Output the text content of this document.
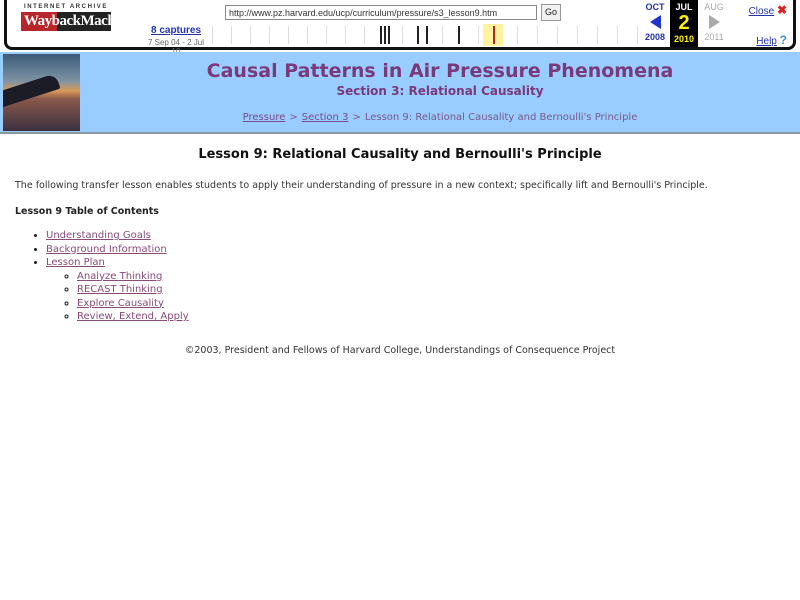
INTERNET ARCHIVE
WaybackMachine
8 captures
7 Sep 04 - 2 Jul
http://www.pz.harvard.edu/ucp/curriculum/pressure/s3_lesson9.htm	Go	OCT
2008
JUL
2
2010
AUG
2011
Close ✖
Help ?
Causal Patterns in Air Pressure Phenomena
Section 3: Relational Causality
Pressure > Section 3 > Lesson 9: Relational Causality and Bernoulli's Principle
Lesson 9: Relational Causality and Bernoulli's Principle

The following transfer lesson enables students to apply their understanding of pressure in a new context; specifically lift and Bernoulli's Principle.

Lesson 9 Table of Contents

• Understanding Goals
• Background Information
• Lesson Plan
◦ Analyze Thinking
◦ RECAST Thinking
◦ Explore Causality
◦ Review, Extend, Apply
©2003, President and Fellows of Harvard College, Understandings of Consequence Project
